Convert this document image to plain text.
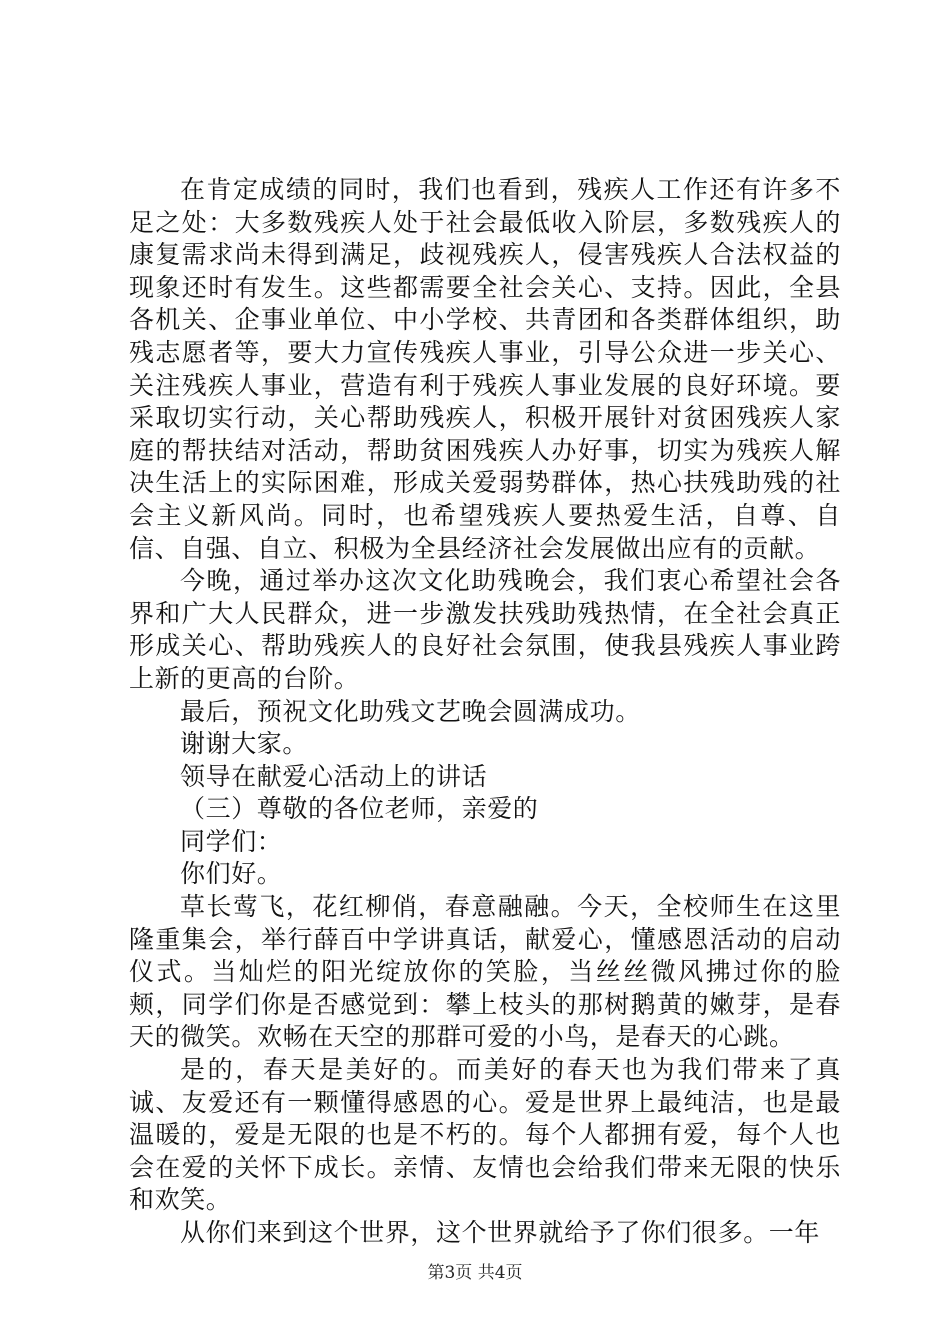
在肯定成绩的同时，我们也看到，残疾人工作还有许多不足之处：大多数残疾人处于社会最低收入阶层，多数残疾人的康复需求尚未得到满足，歧视残疾人，侵害残疾人合法权益的现象还时有发生。这些都需要全社会关心、支持。因此，全县各机关、企事业单位、中小学校、共青团和各类群体组织，助残志愿者等，要大力宣传残疾人事业，引导公众进一步关心、关注残疾人事业，营造有利于残疾人事业发展的良好环境。要采取切实行动，关心帮助残疾人，积极开展针对贫困残疾人家庭的帮扶结对活动，帮助贫困残疾人办好事，切实为残疾人解决生活上的实际困难，形成关爱弱势群体，热心扶残助残的社会主义新风尚。同时，也希望残疾人要热爱生活，自尊、自信、自强、自立、积极为全县经济社会发展做出应有的贡献。

今晚，通过举办这次文化助残晚会，我们衷心希望社会各界和广大人民群众，进一步激发扶残助残热情，在全社会真正形成关心、帮助残疾人的良好社会氛围，使我县残疾人事业跨上新的更高的台阶。

最后，预祝文化助残文艺晚会圆满成功。

谢谢大家。

领导在献爱心活动上的讲话

（三）尊敬的各位老师，亲爱的

同学们：

你们好。

草长莺飞，花红柳俏，春意融融。今天，全校师生在这里隆重集会，举行薛百中学讲真话，献爱心，懂感恩活动的启动仪式。当灿烂的阳光绽放你的笑脸，当丝丝微风拂过你的脸颊，同学们你是否感觉到：攀上枝头的那树鹅黄的嫩芽，是春天的微笑。欢畅在天空的那群可爱的小鸟，是春天的心跳。

是的，春天是美好的。而美好的春天也为我们带来了真诚、友爱还有一颗懂得感恩的心。爱是世界上最纯洁，也是最温暖的，爱是无限的也是不朽的。每个人都拥有爱，每个人也会在爱的关怀下成长。亲情、友情也会给我们带来无限的快乐和欢笑。

从你们来到这个世界，这个世界就给予了你们很多。一年

第3页 共4页
